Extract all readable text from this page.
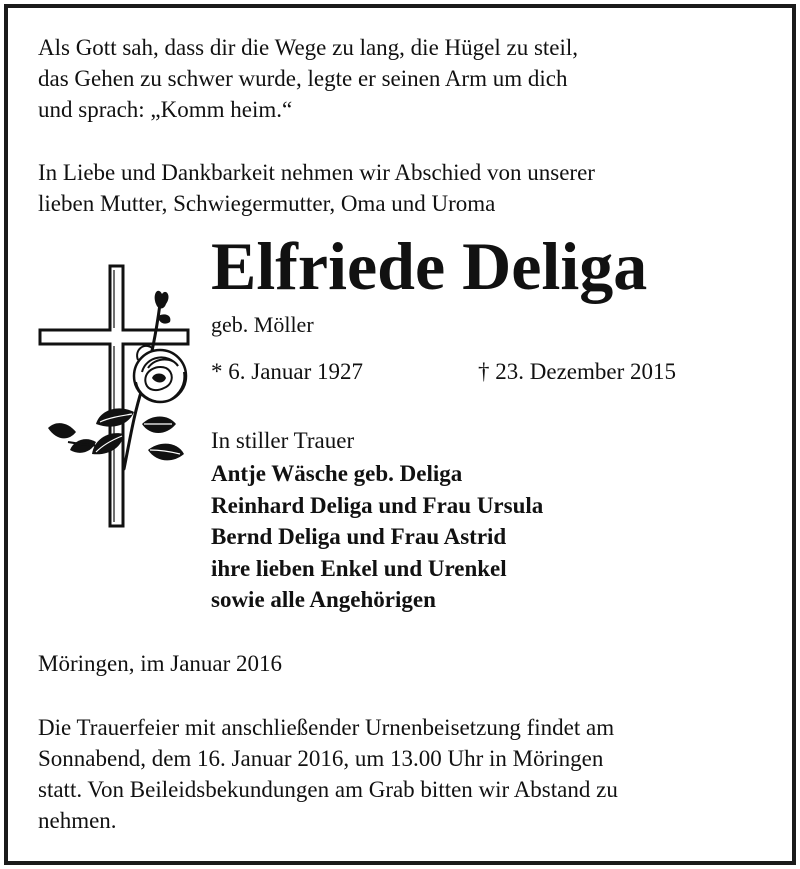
Als Gott sah, dass dir die Wege zu lang, die Hügel zu steil,
das Gehen zu schwer wurde, legte er seinen Arm um dich
und sprach: „Komm heim.“
In Liebe und Dankbarkeit nehmen wir Abschied von unserer
lieben Mutter, Schwiegermutter, Oma und Uroma
Elfriede Deliga
geb. Möller
* 6. Januar 1927	† 23. Dezember 2015
In stiller Trauer
Antje Wäsche geb. Deliga
Reinhard Deliga und Frau Ursula
Bernd Deliga und Frau Astrid
ihre lieben Enkel und Urenkel
sowie alle Angehörigen
Möringen, im Januar 2016
Die Trauerfeier mit anschließender Urnenbeisetzung findet am
Sonnabend, dem 16. Januar 2016, um 13.00 Uhr in Möringen
statt. Von Beileidsbekundungen am Grab bitten wir Abstand zu
nehmen.
